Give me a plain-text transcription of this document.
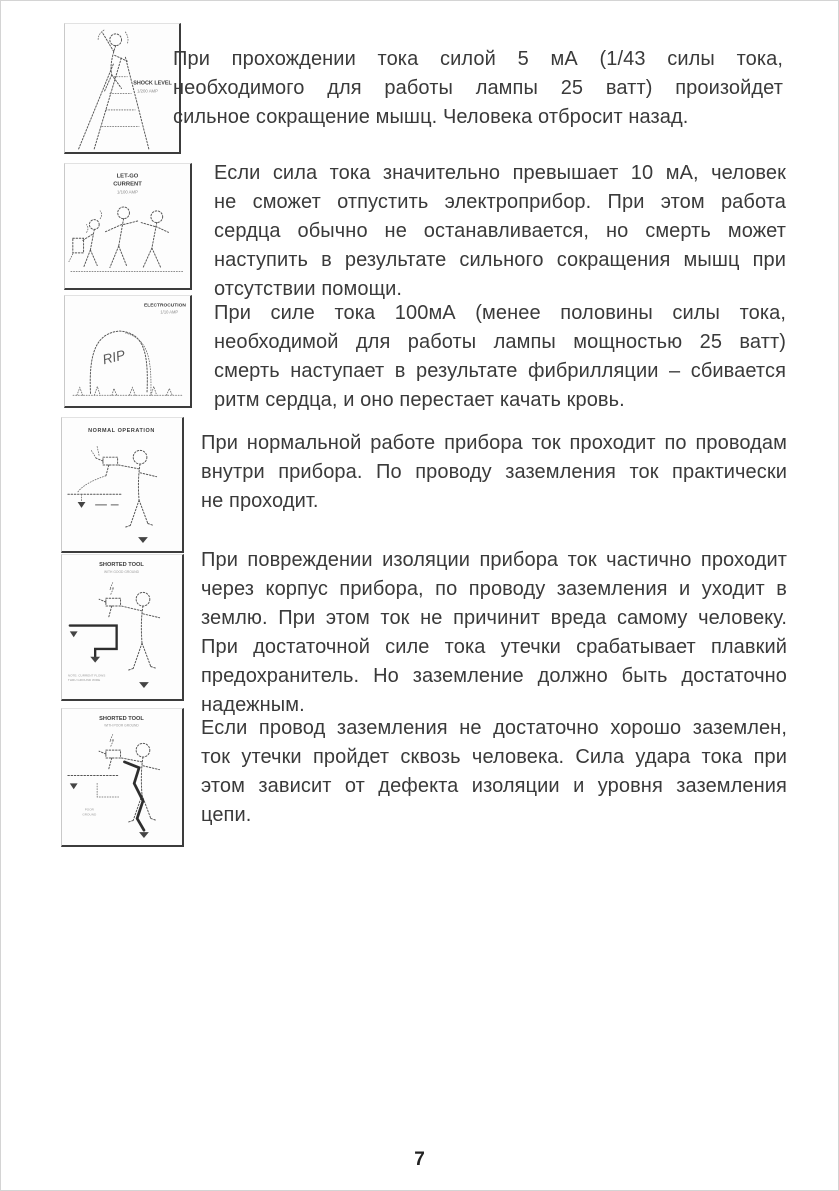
SHOCK LEVEL
1/200 AMP
При прохождении тока силой 5 мА (1/43 силы тока,
необходимого для работы лампы 25 ватт) произойдет
сильное сокращение мышц. Человека отбросит назад.
LET-GO
CURRENT
1/100 AMP
Если сила тока значительно превышает 10 мА, человек
не сможет отпустить электроприбор. При этом работа
сердца обычно не останавливается, но смерть может
наступить в результате сильного сокращения мышц при
отсутствии помощи.
ELECTROCUTION
1/10 AMP
RIP
При силе тока 100мА (менее половины силы тока,
необходимой для работы лампы мощностью 25 ватт)
смерть наступает в результате фибрилляции – сбивается
ритм сердца, и оно перестает качать кровь.
NORMAL OPERATION
При нормальной работе прибора ток проходит по проводам
внутри прибора. По проводу заземления ток практически
не проходит.
SHORTED TOOL
WITH GOOD GROUND
NOTE: CURRENT FLOWS
THRU GROUND WIRE
При повреждении изоляции прибора ток частично проходит
через корпус прибора, по проводу заземления и уходит в
землю. При этом ток не причинит вреда самому человеку.
При достаточной силе тока утечки срабатывает плавкий
предохранитель. Но заземление должно быть достаточно
надежным.
SHORTED TOOL
WITH POOR GROUND
POOR
GROUND
Если провод заземления не достаточно хорошо заземлен,
ток утечки пройдет сквозь человека. Сила удара тока при
этом зависит от дефекта изоляции и уровня заземления
цепи.
7
